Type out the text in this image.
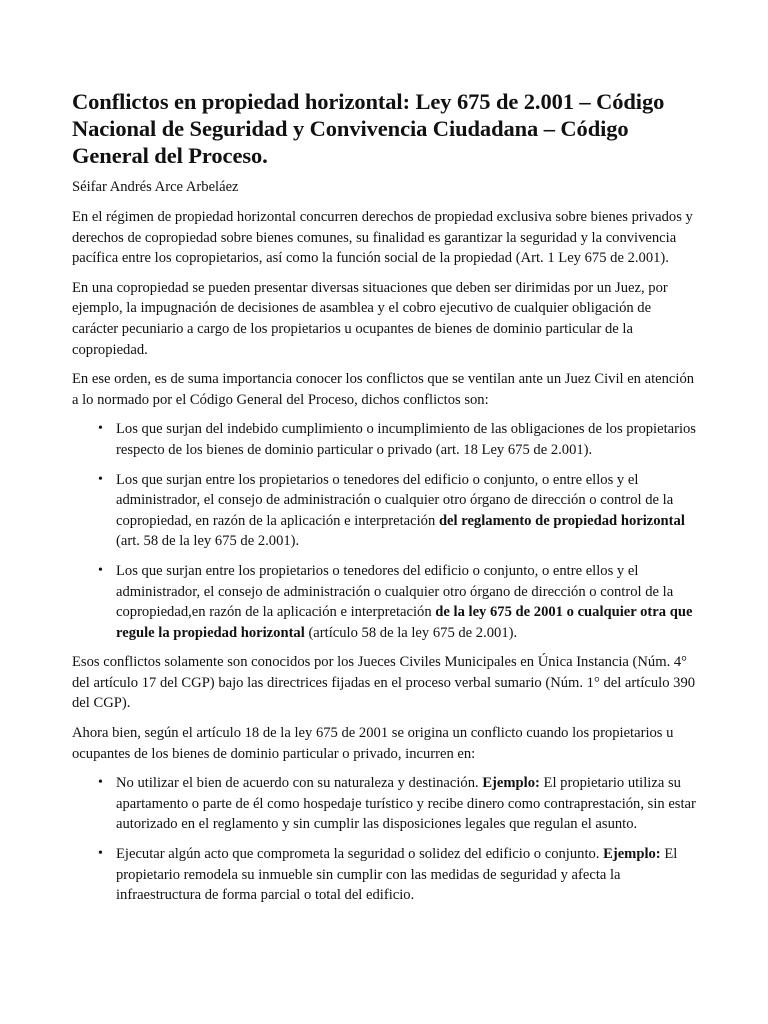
Conflictos en propiedad horizontal: Ley 675 de 2.001 – Código Nacional de Seguridad y Convivencia Ciudadana – Código General del Proceso.
Séifar Andrés Arce Arbeláez

En el régimen de propiedad horizontal concurren derechos de propiedad exclusiva sobre bienes privados y derechos de copropiedad sobre bienes comunes, su finalidad es garantizar la seguridad y la convivencia pacífica entre los copropietarios, así como la función social de la propiedad (Art. 1 Ley 675 de 2.001).

En una copropiedad se pueden presentar diversas situaciones que deben ser dirimidas por un Juez, por ejemplo, la impugnación de decisiones de asamblea y el cobro ejecutivo de cualquier obligación de carácter pecuniario a cargo de los propietarios u ocupantes de bienes de dominio particular de la copropiedad.

En ese orden, es de suma importancia conocer los conflictos que se ventilan ante un Juez Civil en atención a lo normado por el Código General del Proceso, dichos conflictos son:

• Los que surjan del indebido cumplimiento o incumplimiento de las obligaciones de los propietarios respecto de los bienes de dominio particular o privado (art. 18 Ley 675 de 2.001).
• Los que surjan entre los propietarios o tenedores del edificio o conjunto, o entre ellos y el administrador, el consejo de administración o cualquier otro órgano de dirección o control de la copropiedad, en razón de la aplicación e interpretación del reglamento de propiedad horizontal (art. 58 de la ley 675 de 2.001).
• Los que surjan entre los propietarios o tenedores del edificio o conjunto, o entre ellos y el administrador, el consejo de administración o cualquier otro órgano de dirección o control de la copropiedad,en razón de la aplicación e interpretación de la ley 675 de 2001 o cualquier otra que regule la propiedad horizontal (artículo 58 de la ley 675 de 2.001).

Esos conflictos solamente son conocidos por los Jueces Civiles Municipales en Única Instancia (Núm. 4° del artículo 17 del CGP) bajo las directrices fijadas en el proceso verbal sumario (Núm. 1° del artículo 390 del CGP).

Ahora bien, según el artículo 18 de la ley 675 de 2001 se origina un conflicto cuando los propietarios u ocupantes de los bienes de dominio particular o privado, incurren en:

• No utilizar el bien de acuerdo con su naturaleza y destinación. Ejemplo: El propietario utiliza su apartamento o parte de él como hospedaje turístico y recibe dinero como contraprestación, sin estar autorizado en el reglamento y sin cumplir las disposiciones legales que regulan el asunto.
• Ejecutar algún acto que comprometa la seguridad o solidez del edificio o conjunto. Ejemplo: El propietario remodela su inmueble sin cumplir con las medidas de seguridad y afecta la infraestructura de forma parcial o total del edificio.
